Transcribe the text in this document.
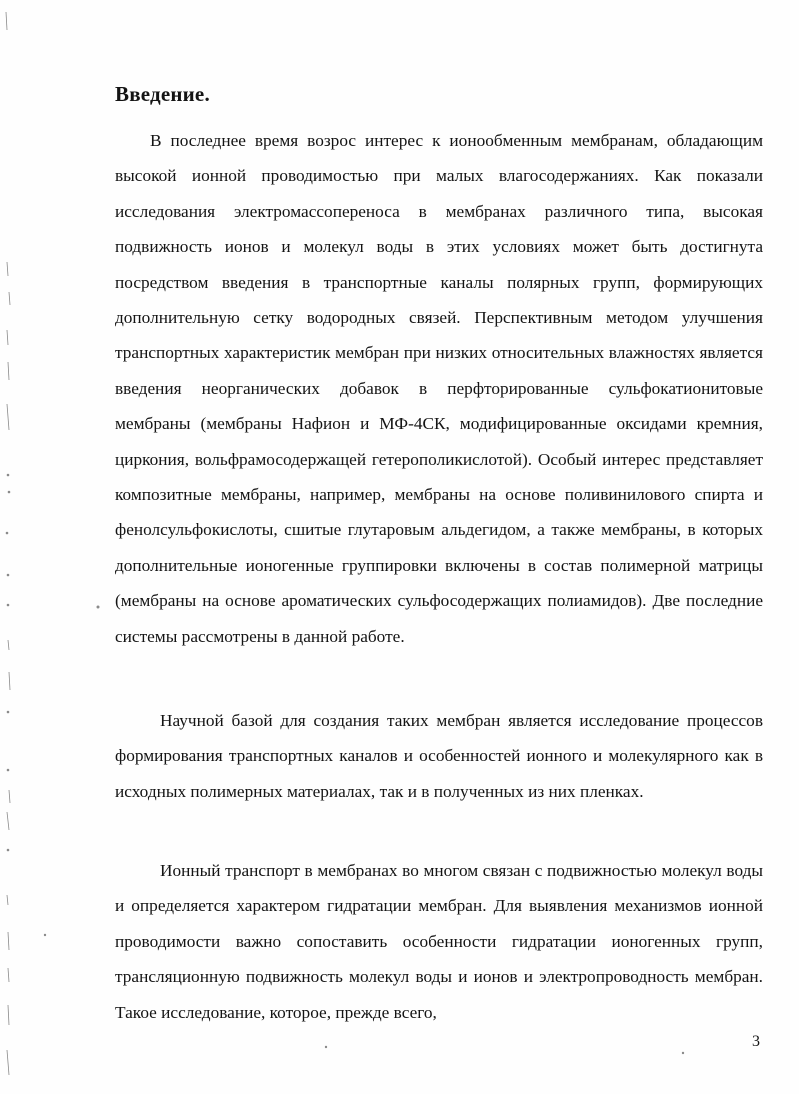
Введение.

В последнее время возрос интерес к ионообменным мембранам, обладающим высокой ионной проводимостью при малых влагосодержаниях. Как показали исследования электромассопереноса в мембранах различного типа, высокая подвижность ионов и молекул воды в этих условиях может быть достигнута посредством введения в транспортные каналы полярных групп, формирующих дополнительную сетку водородных связей. Перспективным методом улучшения транспортных характеристик мембран при низких относительных влажностях является введения неорганических добавок в перфторированные сульфокатионитовые мембраны (мембраны Нафион и МФ-4СК, модифицированные оксидами кремния, циркония, вольфрамосодержащей гетерополикислотой). Особый интерес представляет композитные мембраны, например, мембраны на основе поливинилового спирта и фенолсульфокислоты, сшитые глутаровым альдегидом, а также мембраны, в которых дополнительные ионогенные группировки включены в состав полимерной матрицы (мембраны на основе ароматических сульфосодержащих полиамидов). Две последние системы рассмотрены в данной работе.

Научной базой для создания таких мембран является исследование процессов формирования транспортных каналов и особенностей ионного и молекулярного как в исходных полимерных материалах, так и в полученных из них пленках.

Ионный транспорт в мембранах во многом связан с подвижностью молекул воды и определяется характером гидратации мембран. Для выявления механизмов ионной проводимости важно сопоставить особенности гидратации ионогенных групп, трансляционную подвижность молекул воды и ионов и электропроводность мембран. Такое исследование, которое, прежде всего,

3
